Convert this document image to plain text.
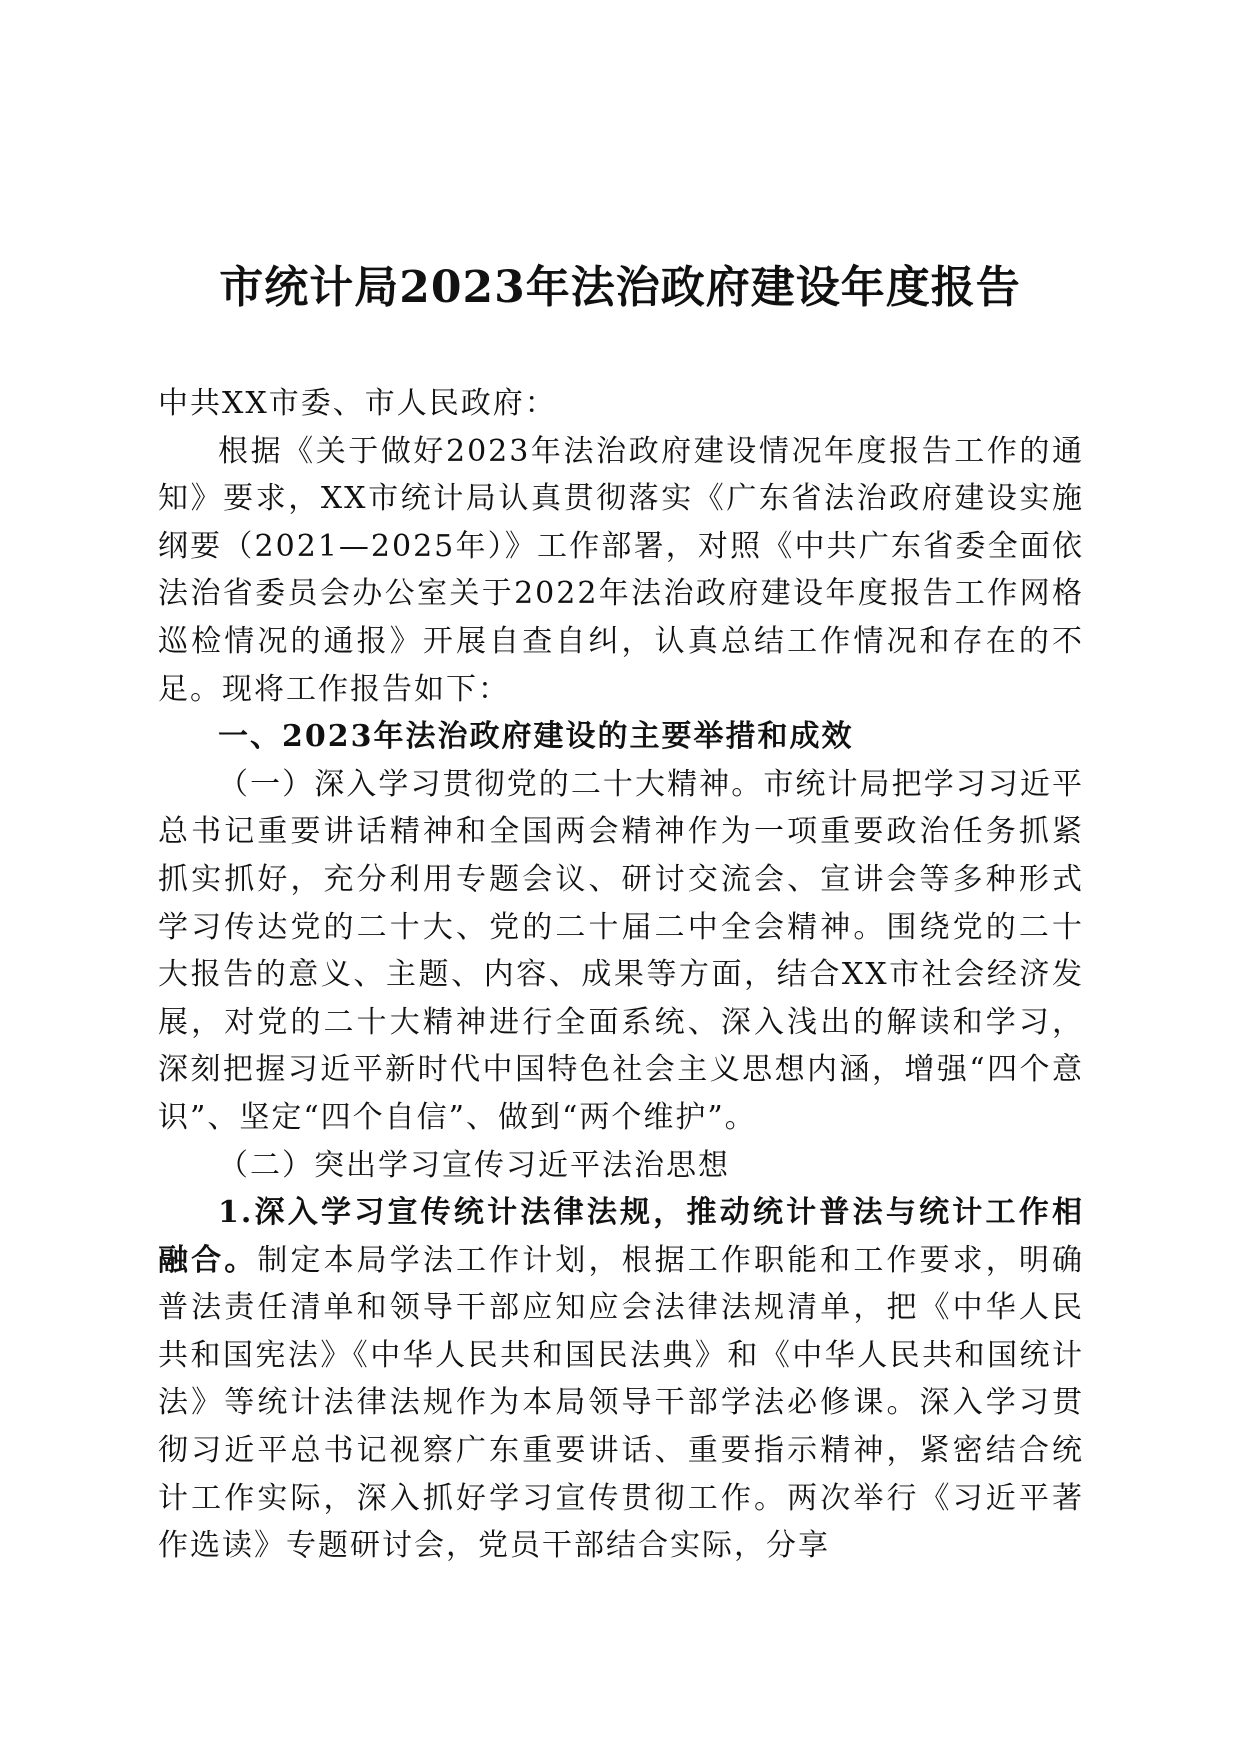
市统计局2023年法治政府建设年度报告

中共XX市委、市人民政府：

根据《关于做好2023年法治政府建设情况年度报告工作的通知》要求，XX市统计局认真贯彻落实《广东省法治政府建设实施纲要（2021—2025年）》工作部署，对照《中共广东省委全面依法治省委员会办公室关于2022年法治政府建设年度报告工作网格巡检情况的通报》开展自查自纠，认真总结工作情况和存在的不足。现将工作报告如下：

一、2023年法治政府建设的主要举措和成效

（一）深入学习贯彻党的二十大精神。市统计局把学习习近平总书记重要讲话精神和全国两会精神作为一项重要政治任务抓紧抓实抓好，充分利用专题会议、研讨交流会、宣讲会等多种形式学习传达党的二十大、党的二十届二中全会精神。围绕党的二十大报告的意义、主题、内容、成果等方面，结合XX市社会经济发展，对党的二十大精神进行全面系统、深入浅出的解读和学习，深刻把握习近平新时代中国特色社会主义思想内涵，增强“四个意识”、坚定“四个自信”、做到“两个维护”。

（二）突出学习宣传习近平法治思想

1.深入学习宣传统计法律法规，推动统计普法与统计工作相融合。制定本局学法工作计划，根据工作职能和工作要求，明确普法责任清单和领导干部应知应会法律法规清单，把《中华人民共和国宪法》《中华人民共和国民法典》和《中华人民共和国统计法》等统计法律法规作为本局领导干部学法必修课。深入学习贯彻习近平总书记视察广东重要讲话、重要指示精神，紧密结合统计工作实际，深入抓好学习宣传贯彻工作。两次举行《习近平著作选读》专题研讨会，党员干部结合实际，分享
